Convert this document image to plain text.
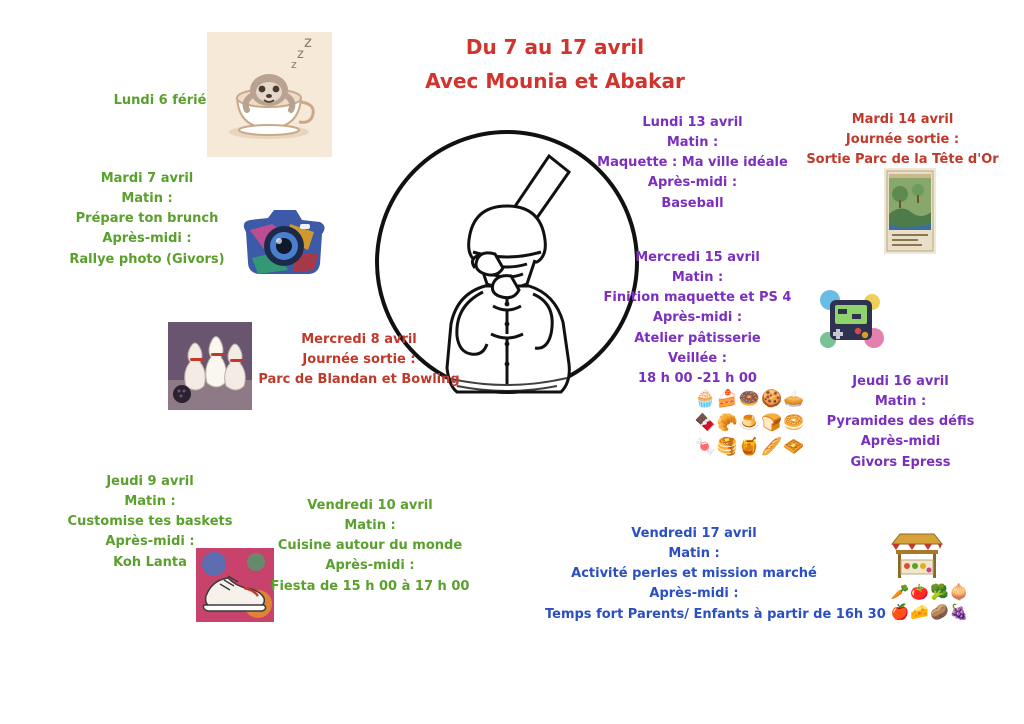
Du 7 au 17 avril
Avec Mounia et Abakar
z
z
z
🧁🍰🍩🍪🥧
🍫🥐🍮🍞🥯
🍬🥞🍯🥖🧇
🥕🍅🥦🧅
🍎🧀🥔🍇
Lundi 6 férié
Mardi 7 avril
Matin :
Prépare ton brunch
Après-midi :
Rallye photo (Givors)
Mercredi 8 avril
Journée sortie :
Parc de Blandan et Bowling
Jeudi 9 avril
Matin :
Customise tes baskets
Après-midi :
Koh Lanta
Vendredi 10 avril
Matin :
Cuisine autour du monde
Après-midi :
Fiesta de 15 h 00 à 17 h 00
Lundi 13 avril
Matin :
Maquette : Ma ville idéale
Après-midi :
Baseball
Mardi 14 avril
Journée sortie :
Sortie Parc de la Tête d'Or
Mercredi 15 avril
Matin :
Finition maquette et PS 4
Après-midi :
Atelier pâtisserie
Veillée :
18 h 00 -21 h 00	Jeudi 16 avril
Matin :
Pyramides des défis
Après-midi
Givors Epress
Vendredi 17 avril
Matin :
Activité perles et mission marché
Après-midi :
Temps fort Parents/ Enfants à partir de 16h 30
